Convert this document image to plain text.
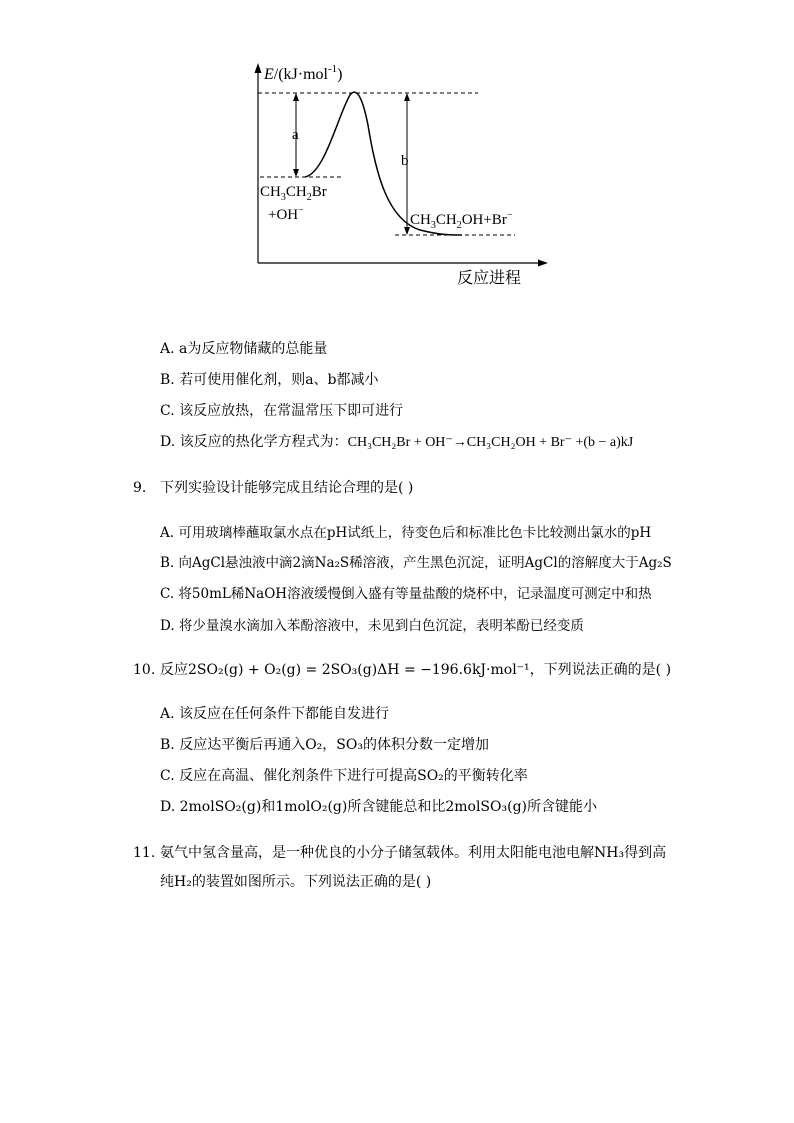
E/(kJ·mol$^{-1}$)
反应进程
a
b
$CH_3CH_2Br$
+OH−
$CH_3CH_2OH+Br^-$
A. a为反应物储藏的总能量
B. 若可使用催化剂，则a、b都减小
C. 该反应放热，在常温常压下即可进行
D. 该反应的热化学方程式为：CH₃CH₂Br + OH⁻→CH₃CH₂OH + Br⁻ +(b − a)kJ
9. 下列实验设计能够完成且结论合理的是( )
A. 可用玻璃棒蘸取氯水点在pH试纸上，待变色后和标准比色卡比较测出氯水的pH
B. 向AgCl悬浊液中滴2滴Na₂S稀溶液，产生黑色沉淀，证明AgCl的溶解度大于Ag₂S
C. 将50mL稀NaOH溶液缓慢倒入盛有等量盐酸的烧杯中，记录温度可测定中和热
D. 将少量溴水滴加入苯酚溶液中，未见到白色沉淀，表明苯酚已经变质
10. 反应2SO₂(g) + O₂(g) = 2SO₃(g)ΔH = −196.6kJ·mol⁻¹，下列说法正确的是( )
A. 该反应在任何条件下都能自发进行
B. 反应达平衡后再通入O₂，SO₃的体积分数一定增加
C. 反应在高温、催化剂条件下进行可提高SO₂的平衡转化率
D. 2molSO₂(g)和1molO₂(g)所含键能总和比2molSO₃(g)所含键能小
11. 氨气中氢含量高，是一种优良的小分子储氢载体。利用太阳能电池电解NH₃得到高
纯H₂的装置如图所示。下列说法正确的是( )
